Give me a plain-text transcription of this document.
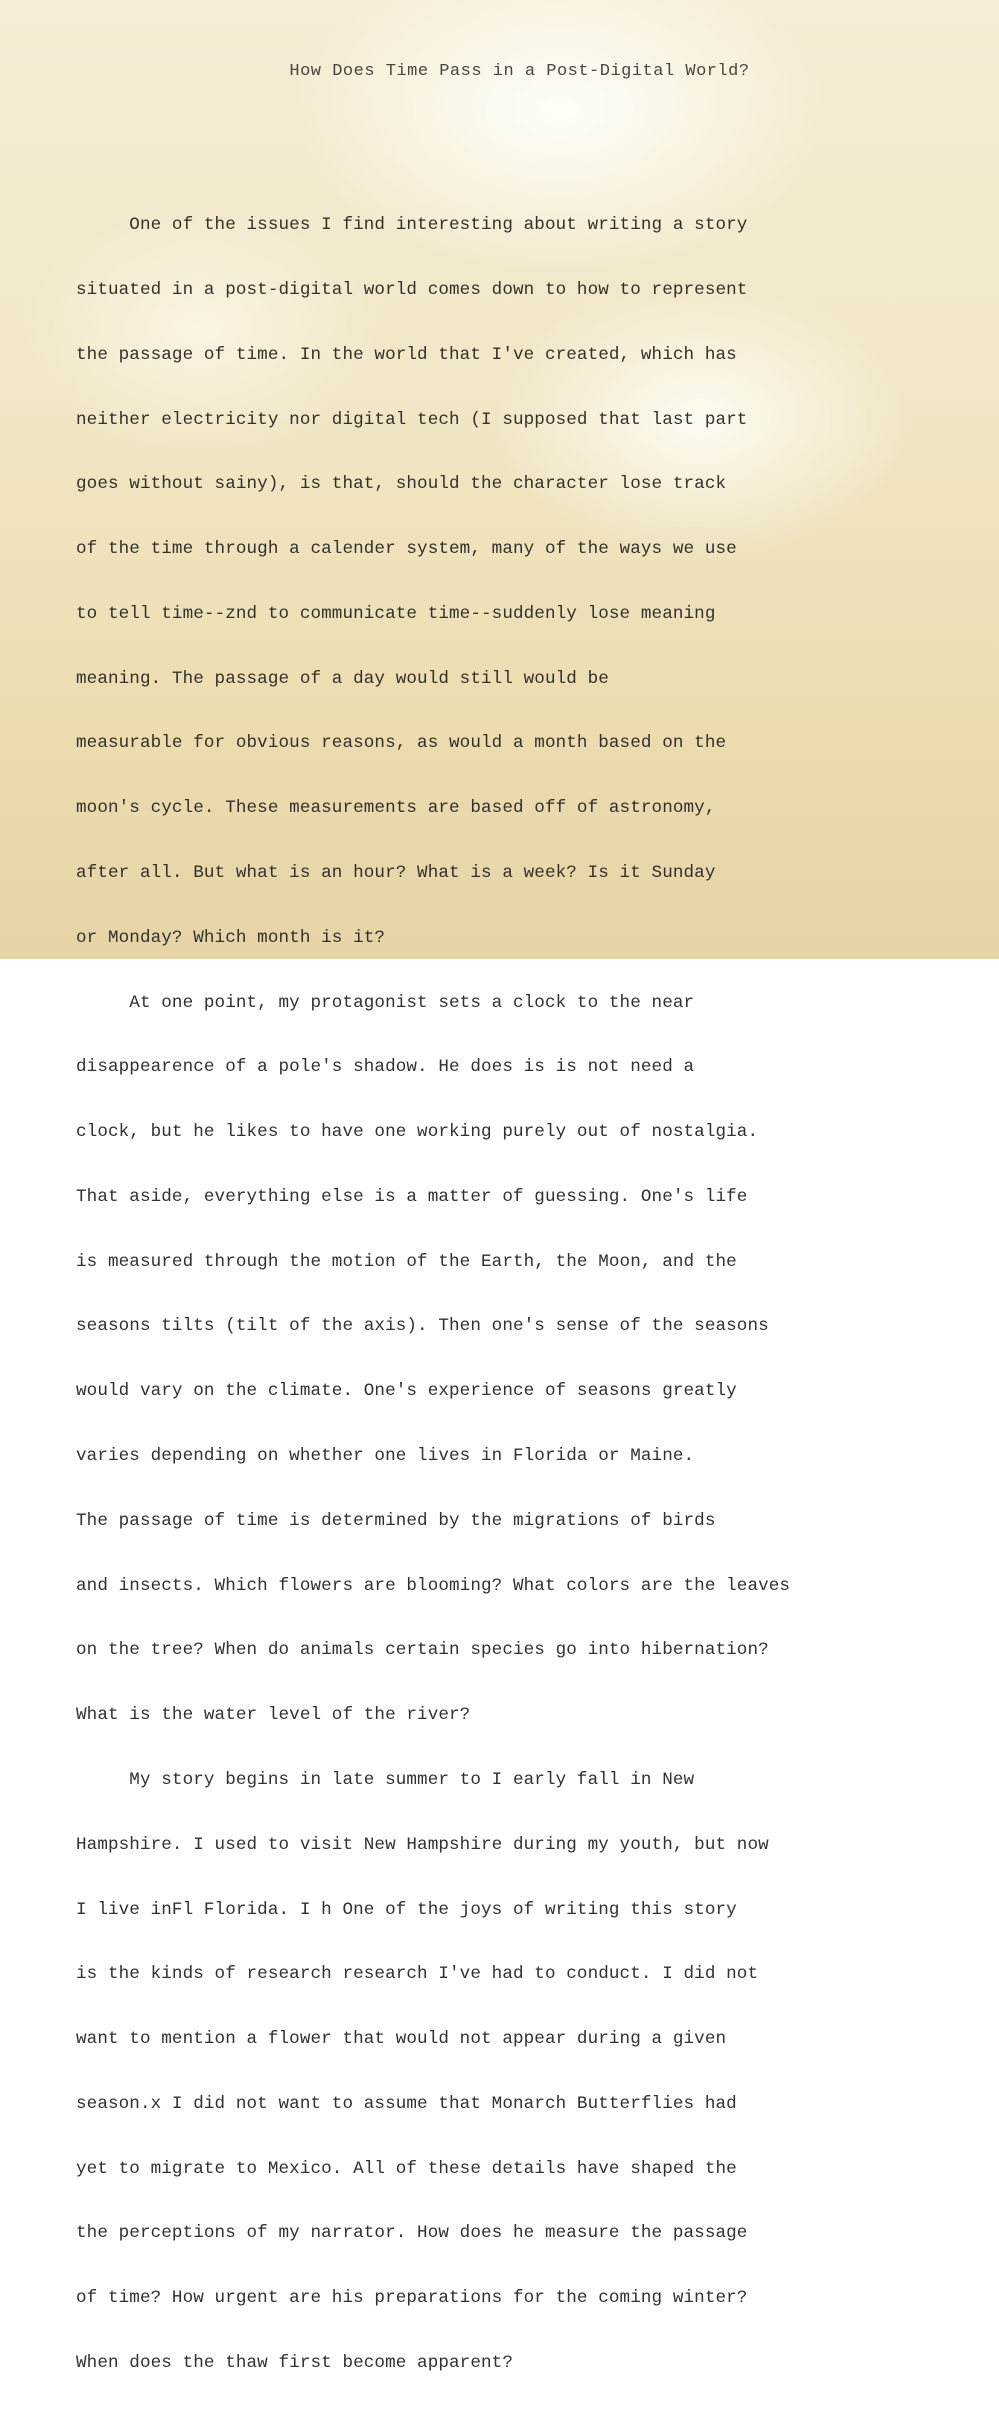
How Does Time Pass in a Post-Digital World?

One of the issues I find interesting about writing a story

situated in a post-digital world comes down to how to represent

the passage of time. In the world that I've created, which has

neither electricity nor digital tech (I supposed that last part

goes without sainy), is that, should the character lose track

of the time through a calender system, many of the ways we use

to tell time--znd to communicate time--suddenly lose meaning

meaning. The passage of a day would still would be

measurable for obvious reasons, as would a month based on the

moon's cycle. These measurements are based off of astronomy,

after all. But what is an hour? What is a week? Is it Sunday

or Monday? Which month is it?

At one point, my protagonist sets a clock to the near

disappearence of a pole's shadow. He does is is not need a

clock, but he likes to have one working purely out of nostalgia.

That aside, everything else is a matter of guessing. One's life

is measured through the motion of the Earth, the Moon, and the

seasons tilts (tilt of the axis). Then one's sense of the seasons

would vary on the climate. One's experience of seasons greatly

varies depending on whether one lives in Florida or Maine.

The passage of time is determined by the migrations of birds

and insects. Which flowers are blooming? What colors are the leaves

on the tree? When do animals certain species go into hibernation?

What is the water level of the river?

My story begins in late summer to I early fall in New

Hampshire. I used to visit New Hampshire during my youth, but now

I live inFl Florida. I h One of the joys of writing this story

is the kinds of research research I've had to conduct. I did not

want to mention a flower that would not appear during a given

season.x I did not want to assume that Monarch Butterflies had

yet to migrate to Mexico. All of these details have shaped the

the perceptions of my narrator. How does he measure the passage

of time? How urgent are his preparations for the coming winter?

When does the thaw first become apparent?
